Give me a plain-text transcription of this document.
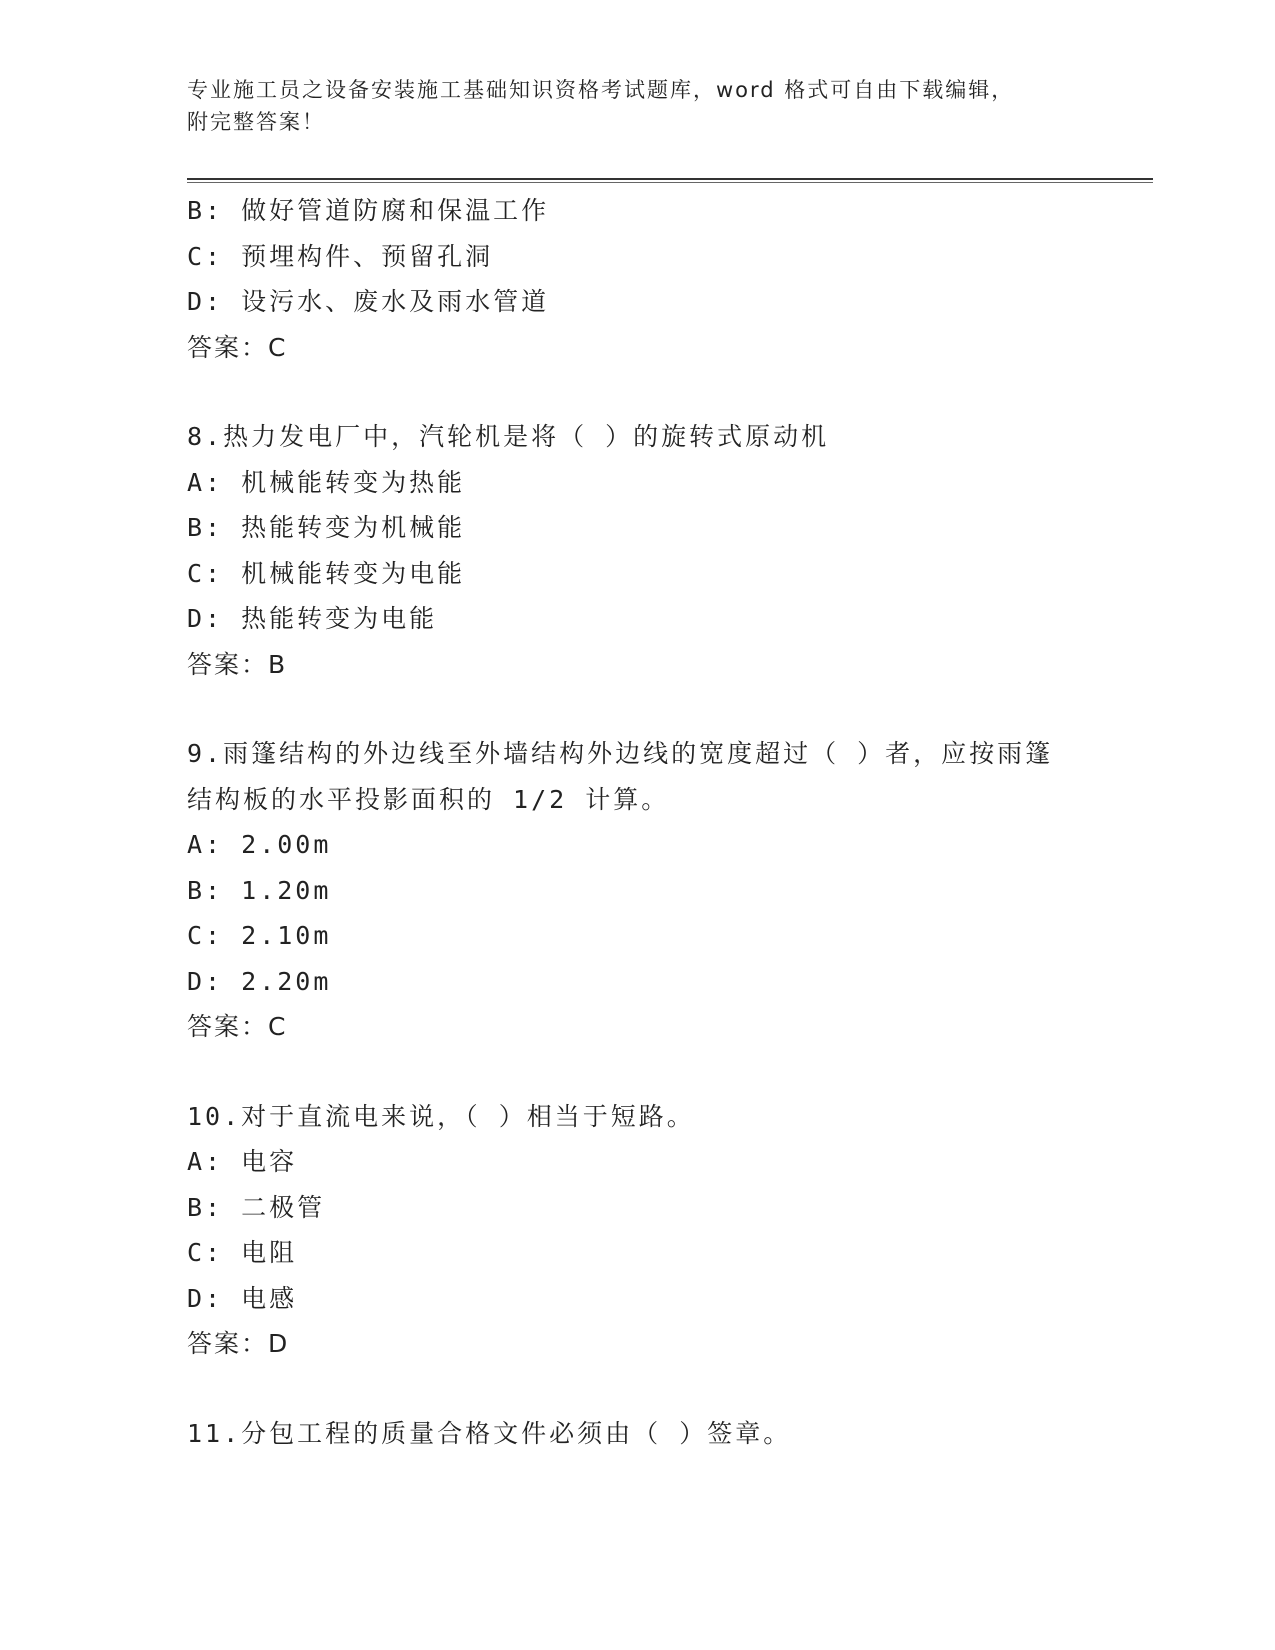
专业施工员之设备安装施工基础知识资格考试题库，word 格式可自由下载编辑，
附完整答案！
B: 做好管道防腐和保温工作
C: 预埋构件、预留孔洞
D: 设污水、废水及雨水管道
答案：C
8.热力发电厂中，汽轮机是将（ ）的旋转式原动机
A: 机械能转变为热能
B: 热能转变为机械能
C: 机械能转变为电能
D: 热能转变为电能
答案：B
9.雨篷结构的外边线至外墙结构外边线的宽度超过（ ）者，应按雨篷
结构板的水平投影面积的 1/2 计算。
A: 2.00m
B: 1.20m
C: 2.10m
D: 2.20m
答案：C
10.对于直流电来说，（ ）相当于短路。
A: 电容
B: 二极管
C: 电阻
D: 电感
答案：D
11.分包工程的质量合格文件必须由（ ）签章。
